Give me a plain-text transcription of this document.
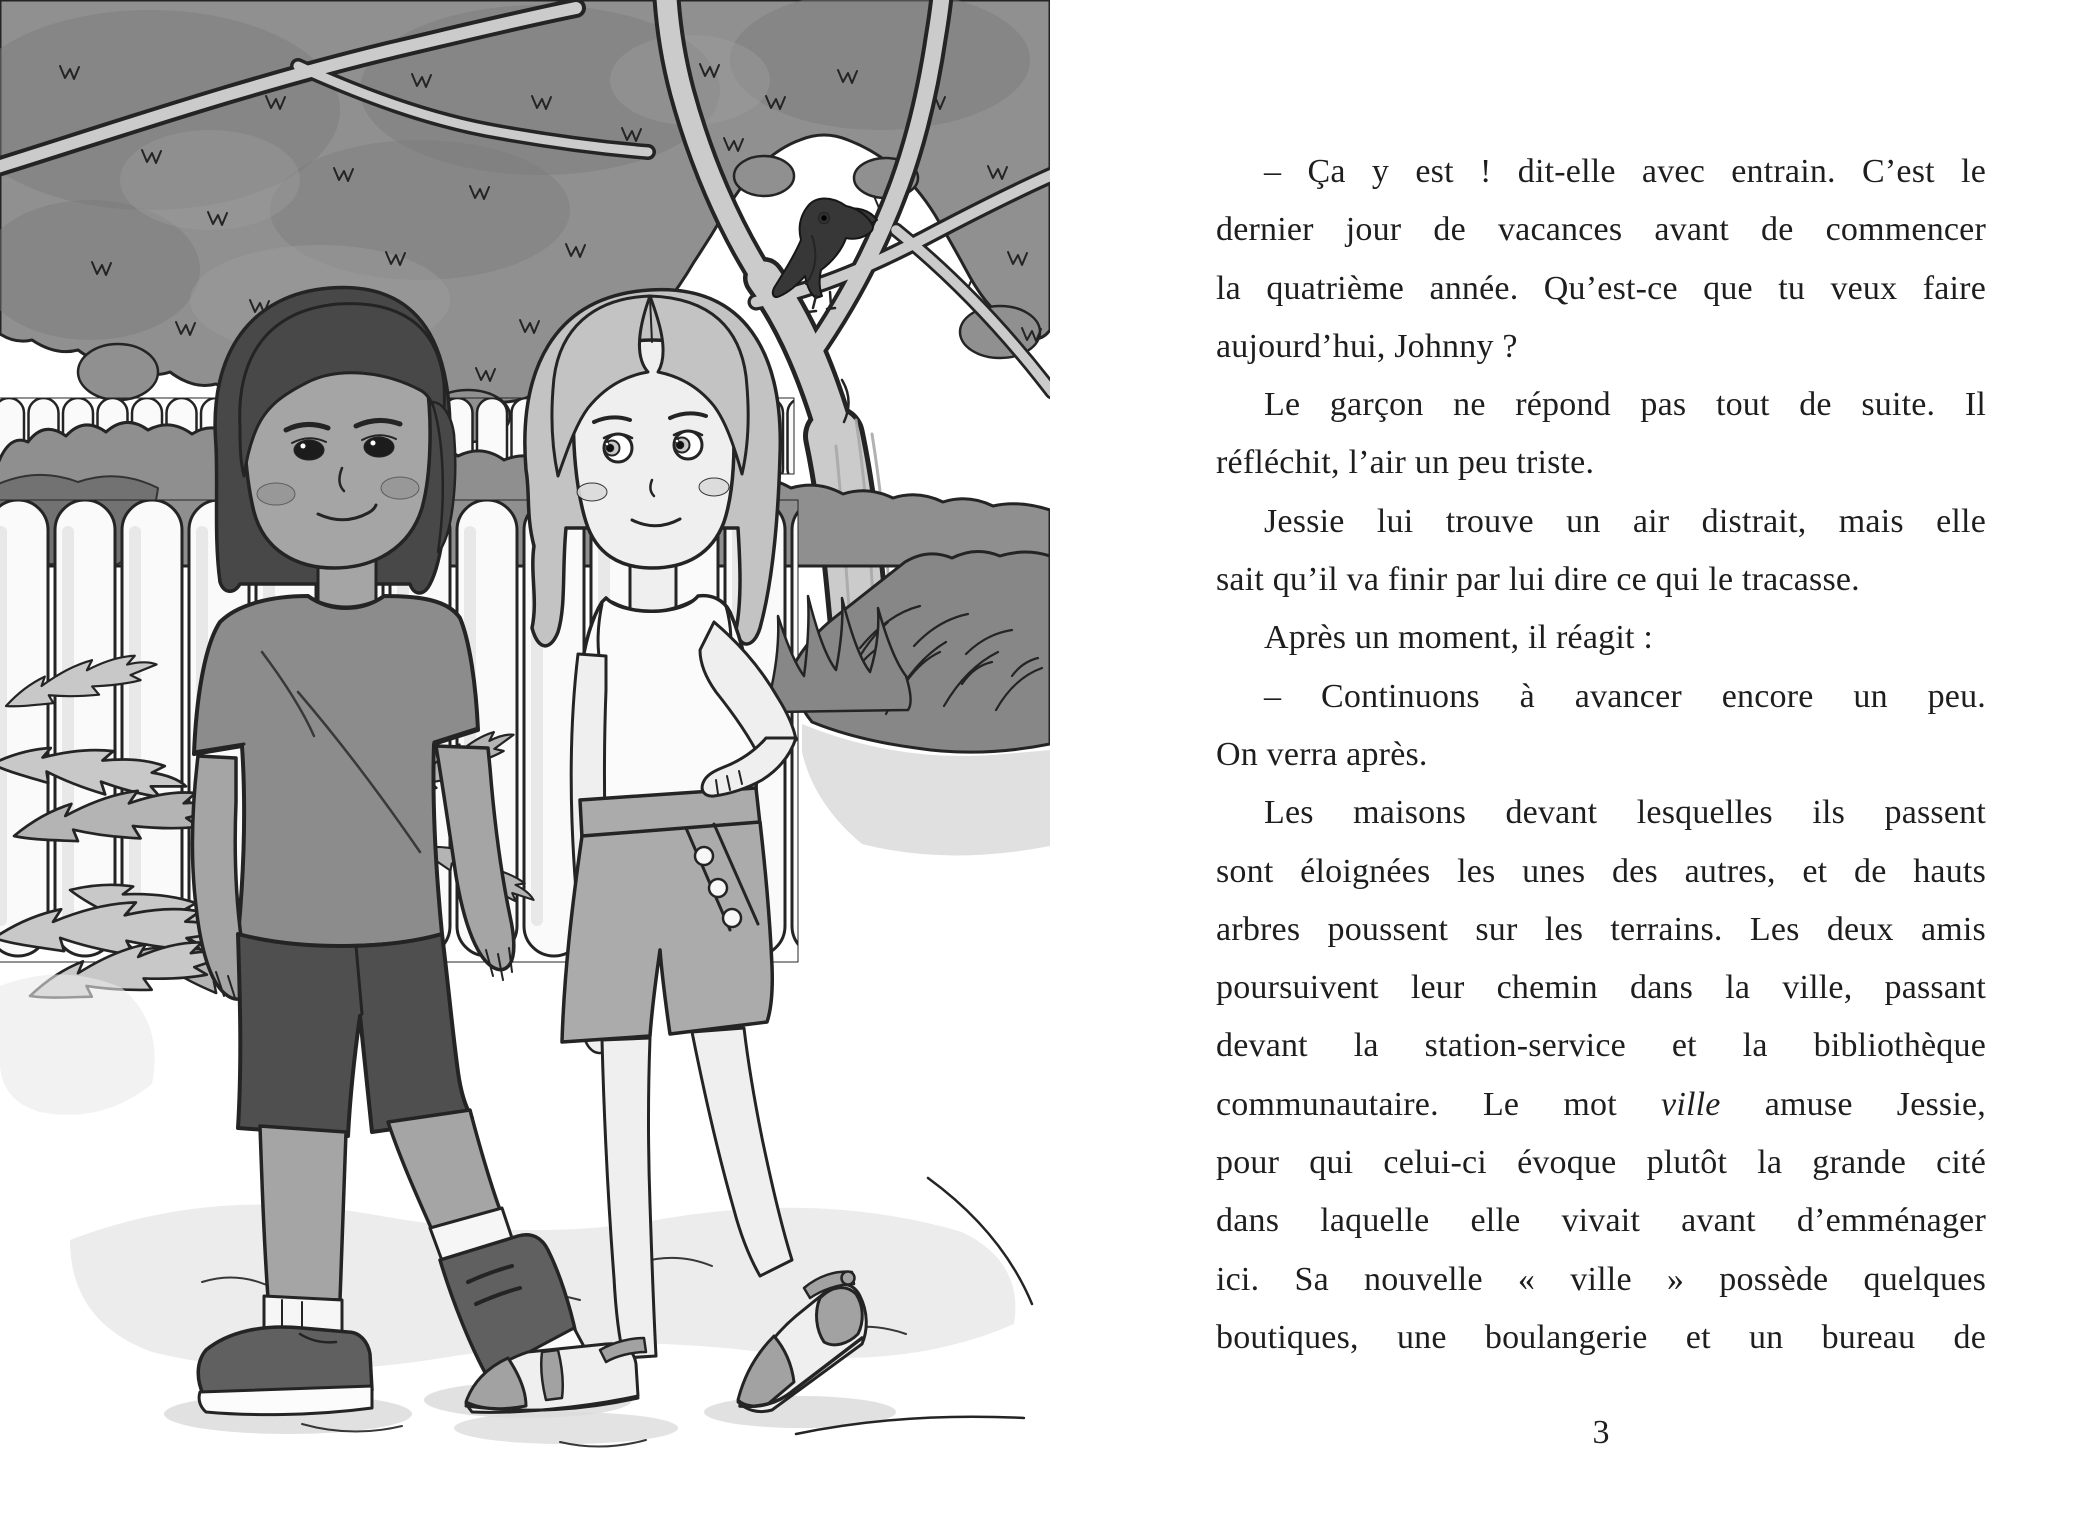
– Ça y est ! dit-elle avec entrain. C’est le
dernier jour de vacances avant de commencer
la quatrième année. Qu’est-ce que tu veux faire
aujourd’hui, Johnny ?
Le garçon ne répond pas tout de suite. Il
réfléchit, l’air un peu triste.
Jessie lui trouve un air distrait, mais elle
sait qu’il va finir par lui dire ce qui le tracasse.
Après un moment, il réagit :
– Continuons à avancer encore un peu.
On verra après.
Les maisons devant lesquelles ils passent
sont éloignées les unes des autres, et de hauts
arbres poussent sur les terrains. Les deux amis
poursuivent leur chemin dans la ville, passant
devant la station-service et la bibliothèque
communautaire. Le mot ville amuse Jessie,
pour qui celui-ci évoque plutôt la grande cité
dans laquelle elle vivait avant d’emménager
ici. Sa nouvelle « ville » possède quelques
boutiques, une boulangerie et un bureau de
3
